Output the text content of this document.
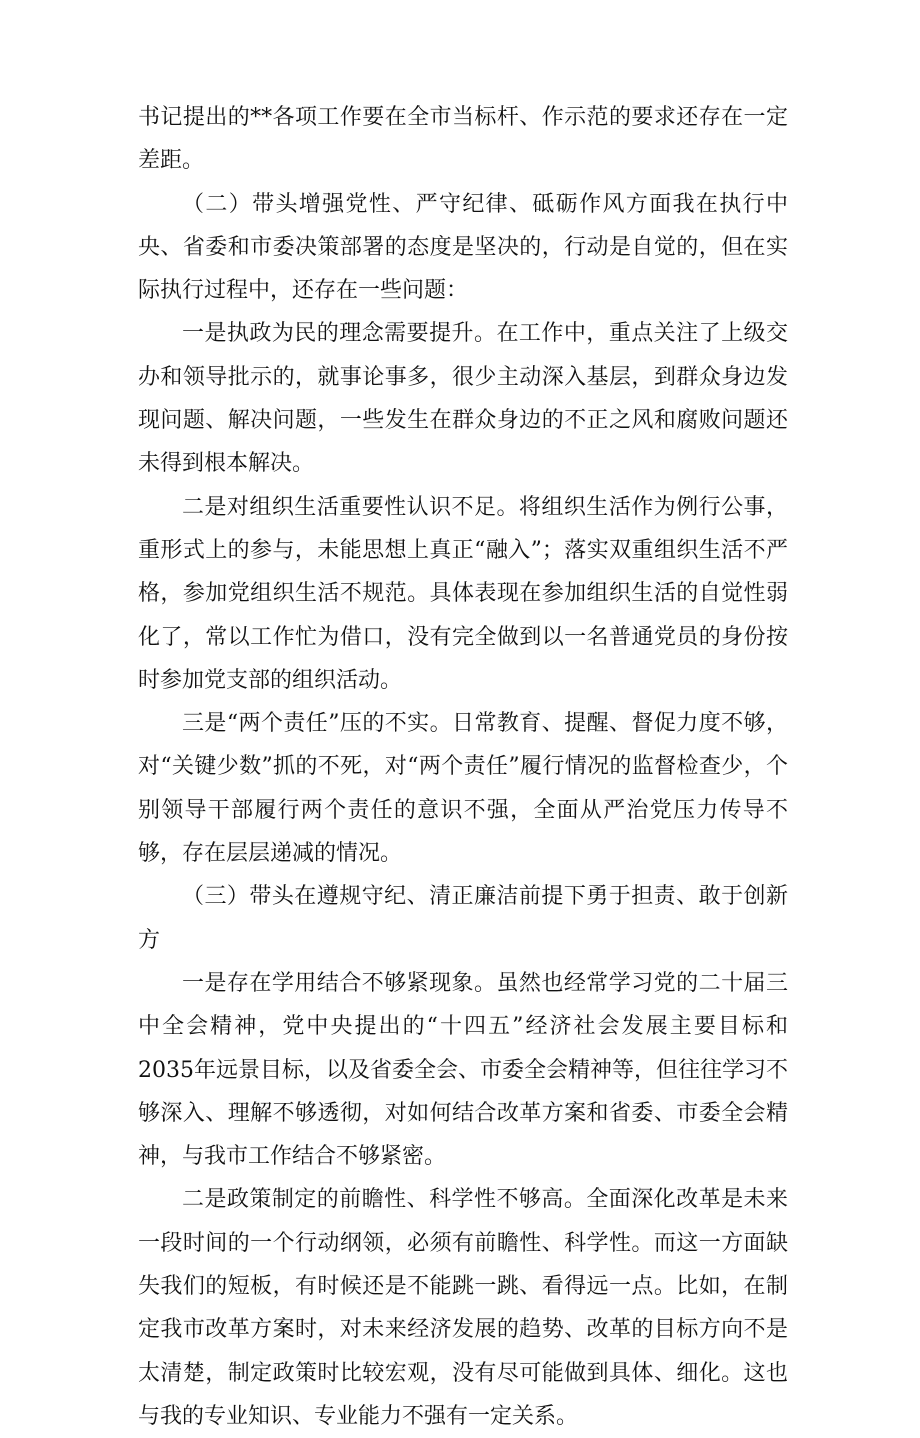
书记提出的**各项工作要在全市当标杆、作示范的要求还存在一定差距。

（二）带头增强党性、严守纪律、砥砺作风方面我在执行中央、省委和市委决策部署的态度是坚决的，行动是自觉的，但在实际执行过程中，还存在一些问题：

一是执政为民的理念需要提升。在工作中，重点关注了上级交办和领导批示的，就事论事多，很少主动深入基层，到群众身边发现问题、解决问题，一些发生在群众身边的不正之风和腐败问题还未得到根本解决。

二是对组织生活重要性认识不足。将组织生活作为例行公事，重形式上的参与，未能思想上真正“融入”；落实双重组织生活不严格，参加党组织生活不规范。具体表现在参加组织生活的自觉性弱化了，常以工作忙为借口，没有完全做到以一名普通党员的身份按时参加党支部的组织活动。

三是“两个责任”压的不实。日常教育、提醒、督促力度不够，对“关键少数”抓的不死，对“两个责任”履行情况的监督检查少，个别领导干部履行两个责任的意识不强，全面从严治党压力传导不够，存在层层递减的情况。

（三）带头在遵规守纪、清正廉洁前提下勇于担责、敢于创新方

一是存在学用结合不够紧现象。虽然也经常学习党的二十届三中全会精神，党中央提出的“十四五”经济社会发展主要目标和2035年远景目标，以及省委全会、市委全会精神等，但往往学习不够深入、理解不够透彻，对如何结合改革方案和省委、市委全会精神，与我市工作结合不够紧密。

二是政策制定的前瞻性、科学性不够高。全面深化改革是未来一段时间的一个行动纲领，必须有前瞻性、科学性。而这一方面缺失我们的短板，有时候还是不能跳一跳、看得远一点。比如，在制定我市改革方案时，对未来经济发展的趋势、改革的目标方向不是太清楚，制定政策时比较宏观，没有尽可能做到具体、细化。这也与我的专业知识、专业能力不强有一定关系。
